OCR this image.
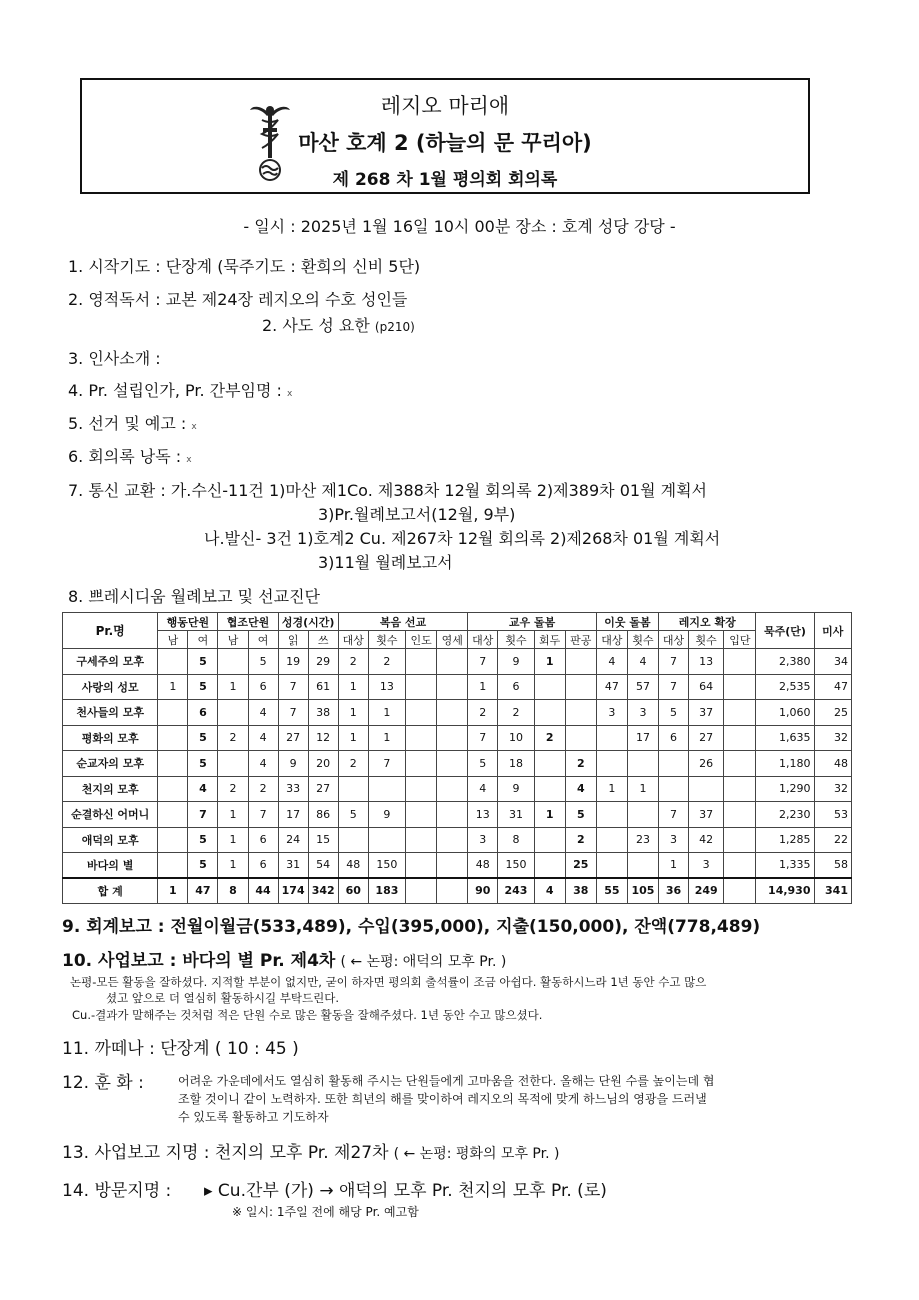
레지오 마리애
마산 호계 2 (하늘의 문 꾸리아)
제 268 차 1월 평의회 회의록
- 일시 : 2025년 1월 16일 10시 00분 장소 : 호계 성당 강당 -
1. 시작기도 : 단장계 (묵주기도 : 환희의 신비 5단)
2. 영적독서 : 교본 제24장 레지오의 수호 성인들
2. 사도 성 요한 (p210)
3. 인사소개 :
4. Pr. 설립인가, Pr. 간부임명 : x
5. 선거 및 예고 : x
6. 회의록 낭독 : x
7. 통신 교환 : 가.수신-11건 1)마산 제1Co. 제388차 12월 회의록 2)제389차 01월 계획서
3)Pr.월례보고서(12월, 9부)
나.발신- 3건 1)호계2 Cu. 제267차 12월 회의록 2)제268차 01월 계획서
3)11월 월례보고서
8. 쁘레시디움 월례보고 및 선교진단
Pr.명	행동단원		협조단원		성경(시간)		복음 선교				교우 돌봄				이웃 돌봄		레지오 확장			묵주(단)	미사
	남	여	남	여	읽	쓰	대상	횟수	인도	영세	대상	횟수	회두	판공	대상	횟수	대상	횟수	입단		
구세주의 모후		5		5	19	29	2	2			7	9	1		4	4	7	13		2,380	34
사랑의 성모	1	5	1	6	7	61	1	13			1	6			47	57	7	64		2,535	47
천사들의 모후		6		4	7	38	1	1			2	2			3	3	5	37		1,060	25
평화의 모후		5	2	4	27	12	1	1			7	10	2			17	6	27		1,635	32
순교자의 모후		5		4	9	20	2	7			5	18		2				26		1,180	48
천지의 모후		4	2	2	33	27					4	9		4	1	1				1,290	32
순결하신 어머니		7	1	7	17	86	5	9			13	31	1	5			7	37		2,230	53
애덕의 모후		5	1	6	24	15					3	8		2		23	3	42		1,285	22
바다의 별		5	1	6	31	54	48	150			48	150		25			1	3		1,335	58
합 계	1	47	8	44	174	342	60	183			90	243	4	38	55	105	36	249		14,930	341
9. 회계보고 : 전월이월금(533,489), 수입(395,000), 지출(150,000), 잔액(778,489)
10. 사업보고 : 바다의 별 Pr. 제4차 ( ← 논평: 애덕의 모후 Pr. )
논평-모든 활동을 잘하셨다. 지적할 부분이 없지만, 굳이 하자면 평의회 출석률이 조금 아쉽다. 활동하시느라 1년 동안 수고 많으
셨고 앞으로 더 열심히 활동하시길 부탁드린다.
Cu.-결과가 말해주는 것처럼 적은 단원 수로 많은 활동을 잘해주셨다. 1년 동안 수고 많으셨다.
11. 까떼나 : 단장계 ( 10 : 45 )
12. 훈 화 :	어려운 가운데에서도 열심히 활동해 주시는 단원들에게 고마움을 전한다. 올해는 단원 수를 높이는데 협
조할 것이니 같이 노력하자. 또한 희년의 해를 맞이하여 레지오의 목적에 맞게 하느님의 영광을 드러낼
수 있도록 활동하고 기도하자
13. 사업보고 지명 : 천지의 모후 Pr. 제27차 ( ← 논평: 평화의 모후 Pr. )
14. 방문지명 : ▸ Cu.간부 (가) → 애덕의 모후 Pr. 천지의 모후 Pr. (로)
※ 일시: 1주일 전에 해당 Pr. 예고함
